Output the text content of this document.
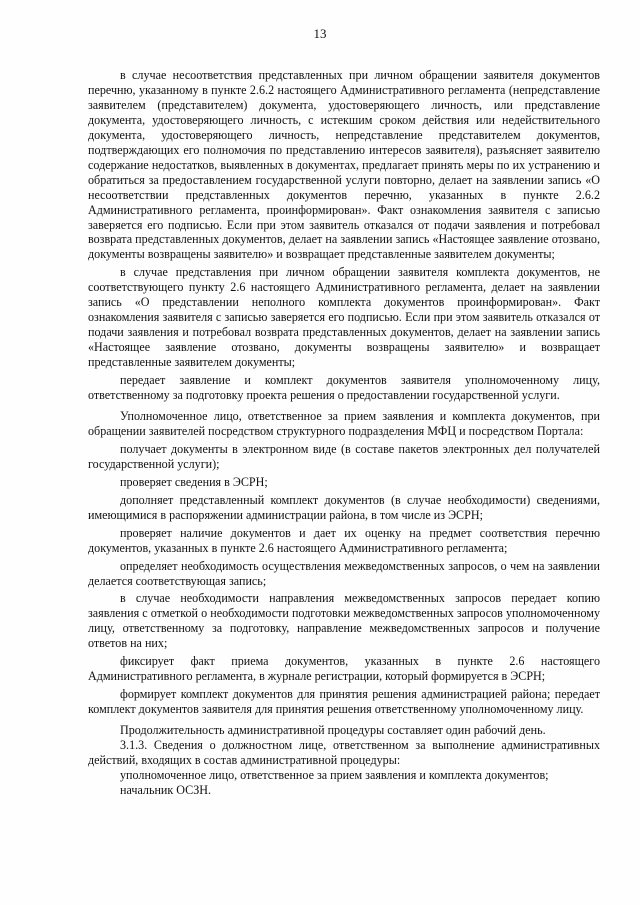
13

в случае несоответствия представленных при личном обращении заявителя документов перечню, указанному в пункте 2.6.2 настоящего Административного регламента (непредставление заявителем (представителем) документа, удостоверяющего личность, или представление документа, удостоверяющего личность, с истекшим сроком действия или недействительного документа, удостоверяющего личность, непредставление представителем документов, подтверждающих его полномочия по представлению интересов заявителя), разъясняет заявителю содержание недостатков, выявленных в документах, предлагает принять меры по их устранению и обратиться за предоставлением государственной услуги повторно, делает на заявлении запись «О несоответствии представленных документов перечню, указанных в пункте 2.6.2 Административного регламента, проинформирован». Факт ознакомления заявителя с записью заверяется его подписью. Если при этом заявитель отказался от подачи заявления и потребовал возврата представленных документов, делает на заявлении запись «Настоящее заявление отозвано, документы возвращены заявителю» и возвращает представленные заявителем документы;

в случае представления при личном обращении заявителя комплекта документов, не соответствующего пункту 2.6 настоящего Административного регламента, делает на заявлении запись «О представлении неполного комплекта документов проинформирован». Факт ознакомления заявителя с записью заверяется его подписью. Если при этом заявитель отказался от подачи заявления и потребовал возврата представленных документов, делает на заявлении запись «Настоящее заявление отозвано, документы возвращены заявителю» и возвращает представленные заявителем документы;

передает заявление и комплект документов заявителя уполномоченному лицу, ответственному за подготовку проекта решения о предоставлении государственной услуги.

Уполномоченное лицо, ответственное за прием заявления и комплекта документов, при обращении заявителей посредством структурного подразделения МФЦ и посредством Портала:

получает документы в электронном виде (в составе пакетов электронных дел получателей государственной услуги);

проверяет сведения в ЭСРН;

дополняет представленный комплект документов (в случае необходимости) сведениями, имеющимися в распоряжении администрации района, в том числе из ЭСРН;

проверяет наличие документов и дает их оценку на предмет соответствия перечню документов, указанных в пункте 2.6 настоящего Административного регламента;

определяет необходимость осуществления межведомственных запросов, о чем на заявлении делается соответствующая запись;

в случае необходимости направления межведомственных запросов передает копию заявления с отметкой о необходимости подготовки межведомственных запросов уполномоченному лицу, ответственному за подготовку, направление межведомственных запросов и получение ответов на них;

фиксирует факт приема документов, указанных в пункте 2.6 настоящего Административного регламента, в журнале регистрации, который формируется в ЭСРН;

формирует комплект документов для принятия решения администрацией района; передает комплект документов заявителя для принятия решения ответственному уполномоченному лицу.

Продолжительность административной процедуры составляет один рабочий день.

3.1.3. Сведения о должностном лице, ответственном за выполнение административных действий, входящих в состав административной процедуры:

уполномоченное лицо, ответственное за прием заявления и комплекта документов;

начальник ОСЗН.
